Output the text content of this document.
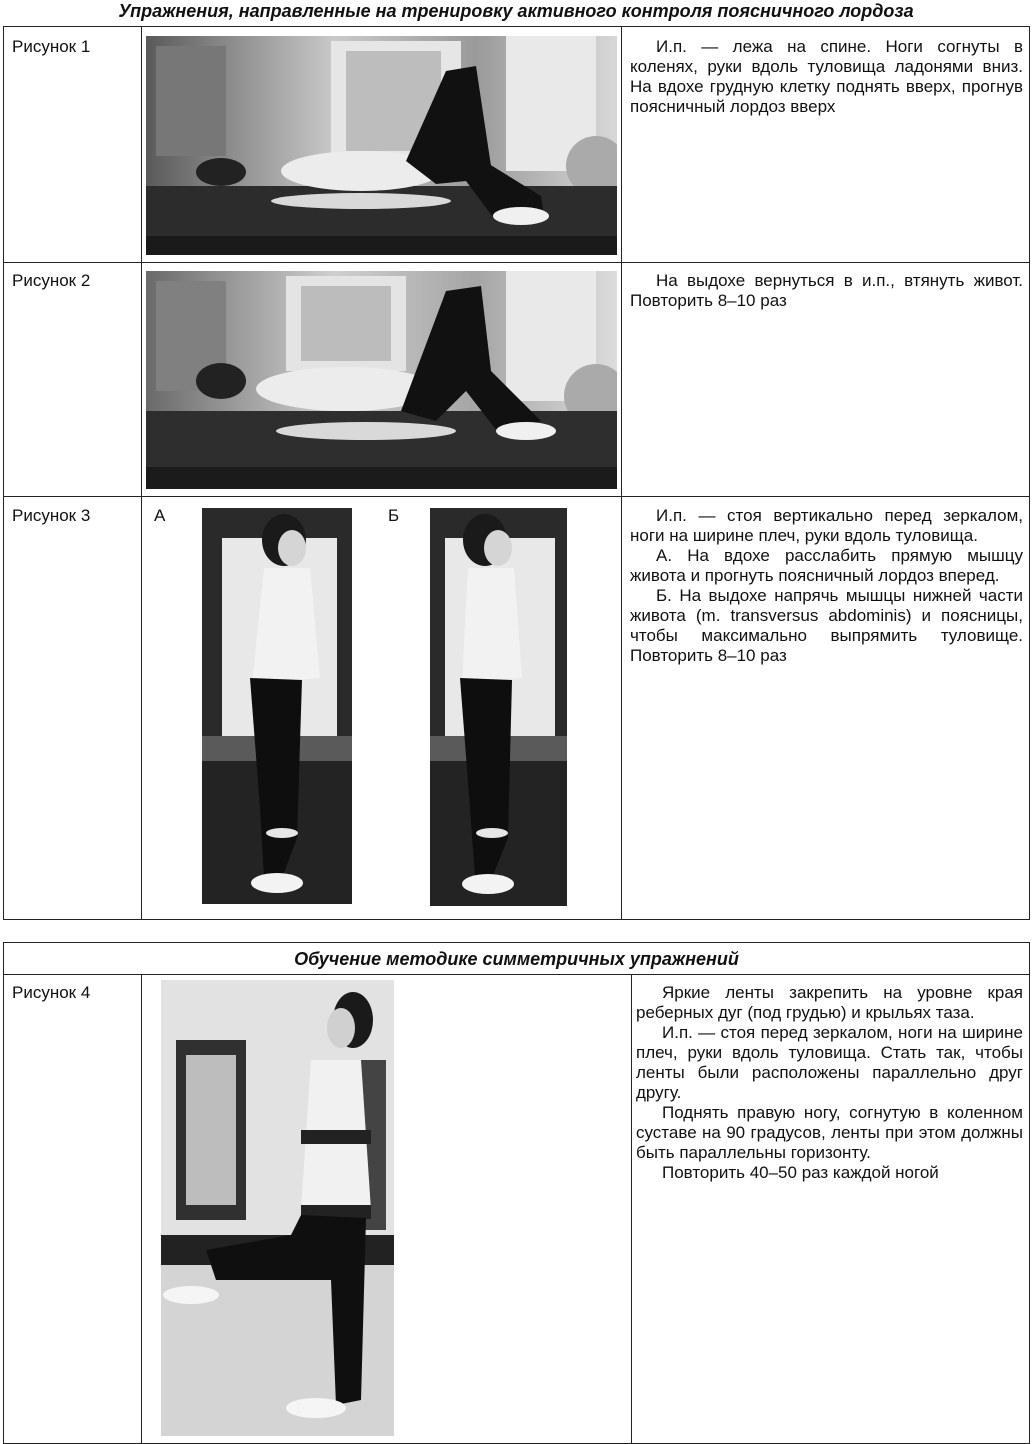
Упражнения, направленные на тренировку активного контроля поясничного лордоза
Рисунок 1	И.п. — лежа на спине. Ноги согнуты в коленях, руки вдоль туловища ладонями вниз. На вдохе грудную клетку поднять вверх, прогнув поясничный лордоз вверх

Рисунок 2	На выдохе вернуться в и.п., втянуть живот. Повторить 8–10 раз

Рисунок 3	А	Б	И.п. — стоя вертикально перед зеркалом, ноги на ширине плеч, руки вдоль туловища.

А. На вдохе расслабить прямую мышцу живота и прогнуть поясничный лордоз вперед.

Б. На выдохе напрячь мышцы нижней части живота (m. transversus abdominis) и поясницы, чтобы максимально выпрямить туловище. Повторить 8–10 раз

Обучение методике симметричных упражнений
Рисунок 4	Яркие ленты закрепить на уровне края реберных дуг (под грудью) и крыльях таза.

И.п. — стоя перед зеркалом, ноги на ширине плеч, руки вдоль туловища. Стать так, чтобы ленты были расположены параллельно друг другу.

Поднять правую ногу, согнутую в коленном суставе на 90 градусов, ленты при этом должны быть параллельны горизонту.

Повторить 40–50 раз каждой ногой
